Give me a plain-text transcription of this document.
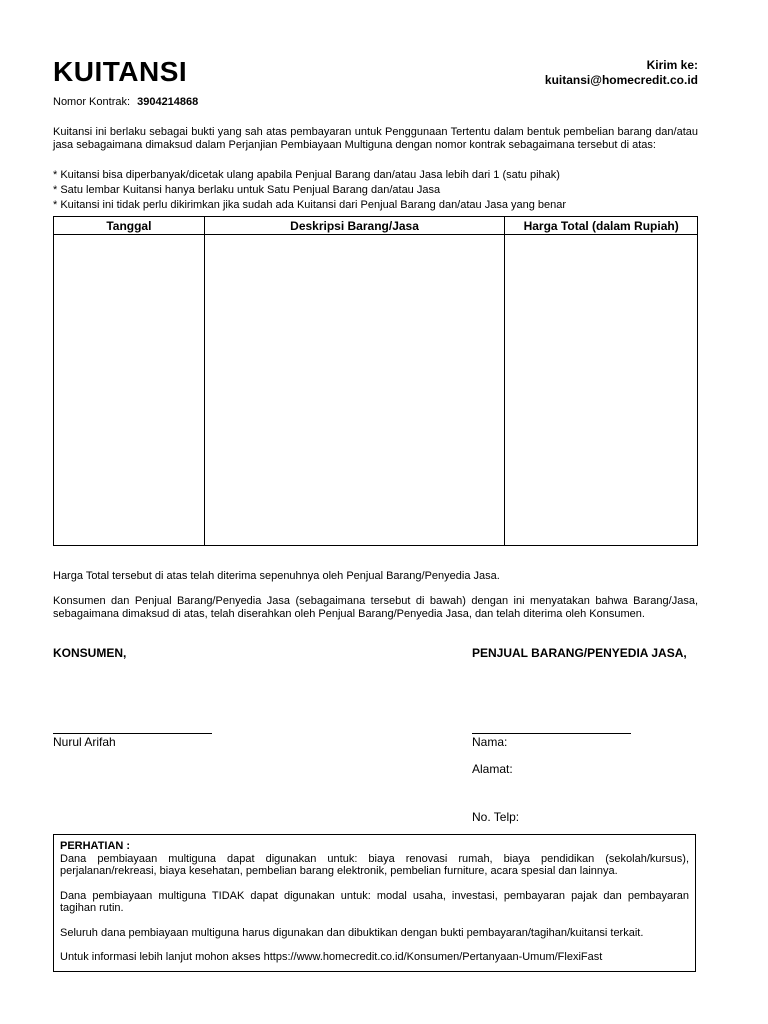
KUITANSI	Kirim ke:
kuitansi@homecredit.co.id
Nomor Kontrak: 3904214868
Kuitansi ini berlaku sebagai bukti yang sah atas pembayaran untuk Penggunaan Tertentu dalam bentuk pembelian barang dan/atau jasa sebagaimana dimaksud dalam Perjanjian Pembiayaan Multiguna dengan nomor kontrak sebagaimana tersebut di atas:
* Kuitansi bisa diperbanyak/dicetak ulang apabila Penjual Barang dan/atau Jasa lebih dari 1 (satu pihak)
* Satu lembar Kuitansi hanya berlaku untuk Satu Penjual Barang dan/atau Jasa
* Kuitansi ini tidak perlu dikirimkan jika sudah ada Kuitansi dari Penjual Barang dan/atau Jasa yang benar
Tanggal	Deskripsi Barang/Jasa	Harga Total (dalam Rupiah)

Harga Total tersebut di atas telah diterima sepenuhnya oleh Penjual Barang/Penyedia Jasa.
Konsumen dan Penjual Barang/Penyedia Jasa (sebagaimana tersebut di bawah) dengan ini menyatakan bahwa Barang/Jasa, sebagaimana dimaksud di atas, telah diserahkan oleh Penjual Barang/Penyedia Jasa, dan telah diterima oleh Konsumen.
KONSUMEN,	PENJUAL BARANG/PENYEDIA JASA,
Nurul Arifah	Nama:
Alamat:
No. Telp:
PERHATIAN :

Dana pembiayaan multiguna dapat digunakan untuk: biaya renovasi rumah, biaya pendidikan (sekolah/kursus), perjalanan/rekreasi, biaya kesehatan, pembelian barang elektronik, pembelian furniture, acara spesial dan lainnya.

Dana pembiayaan multiguna TIDAK dapat digunakan untuk: modal usaha, investasi, pembayaran pajak dan pembayaran tagihan rutin.

Seluruh dana pembiayaan multiguna harus digunakan dan dibuktikan dengan bukti pembayaran/tagihan/kuitansi terkait.

Untuk informasi lebih lanjut mohon akses https://www.homecredit.co.id/Konsumen/Pertanyaan-Umum/FlexiFast
